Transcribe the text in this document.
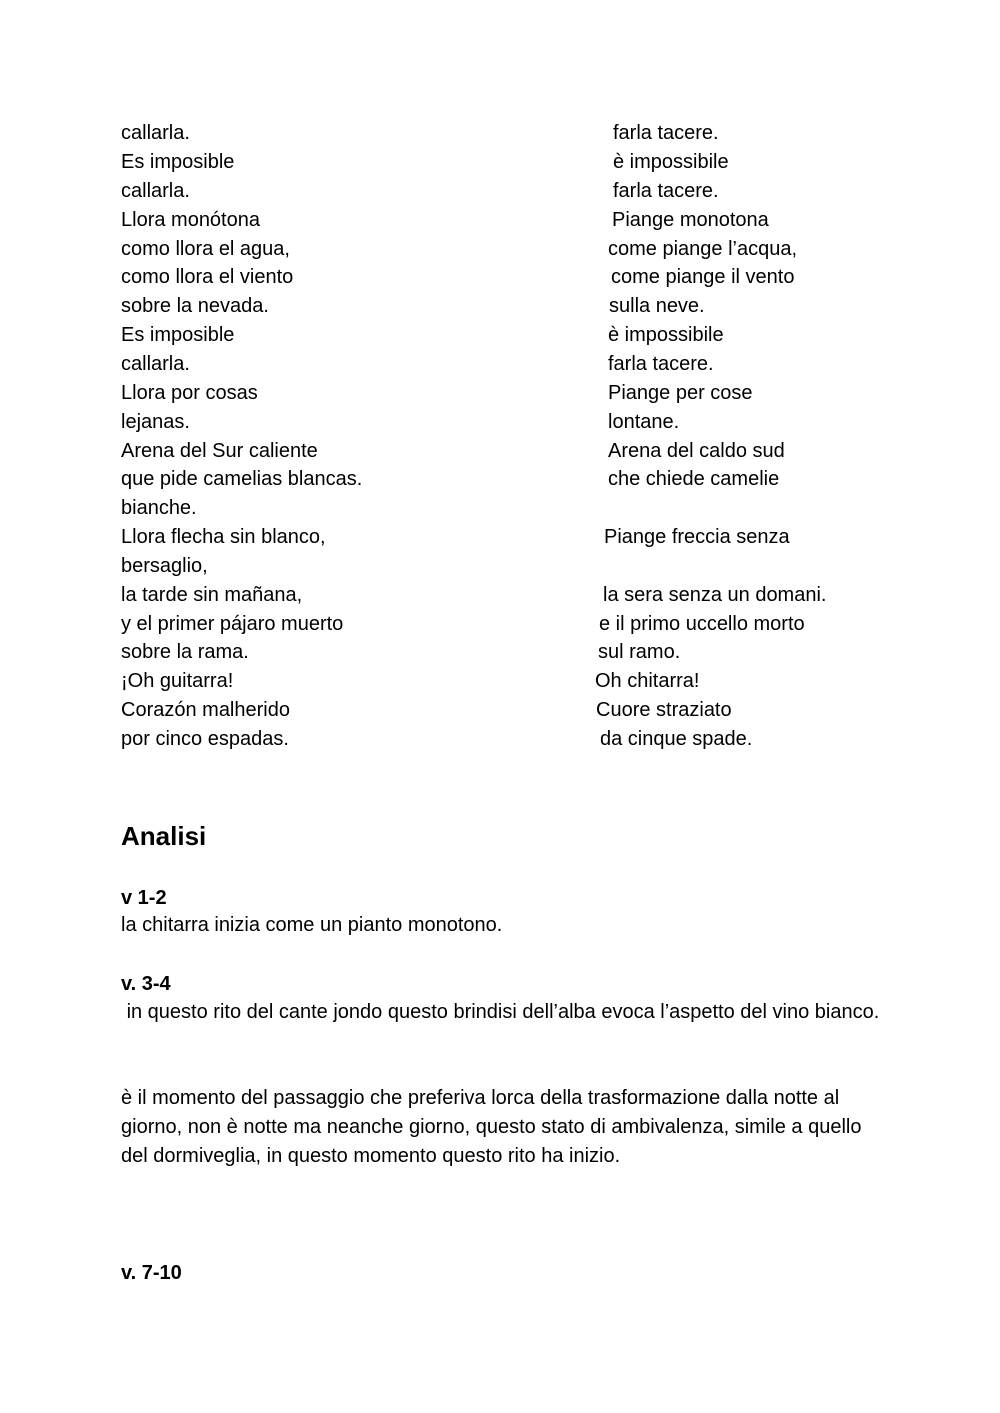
callarla.
Es imposible
callarla.
Llora monótona
como llora el agua,
como llora el viento
sobre la nevada.
Es imposible
callarla.
Llora por cosas
lejanas.
Arena del Sur caliente
que pide camelias blancas.
bianche.
Llora flecha sin blanco,
bersaglio,
la tarde sin mañana,
y el primer pájaro muerto
sobre la rama.
¡Oh guitarra!
Corazón malherido
por cinco espadas.
farla tacere.
è impossibile
farla tacere.
Piange monotona
come piange l’acqua,
come piange il vento
sulla neve.
è impossibile
farla tacere.
Piange per cose
lontane.
Arena del caldo sud
che chiede camelie
Piange freccia senza
la sera senza un domani.
e il primo uccello morto
sul ramo.
Oh chitarra!
Cuore straziato
da cinque spade.
Analisi
v 1-2
la chitarra inizia come un pianto monotono.
v. 3-4
in questo rito del cante jondo questo brindisi dell’alba evoca l’aspetto del vino bianco.
è il momento del passaggio che preferiva lorca della trasformazione dalla notte al giorno, non è notte ma neanche giorno, questo stato di ambivalenza, simile a quello del dormiveglia, in questo momento questo rito ha inizio.
v. 7-10
